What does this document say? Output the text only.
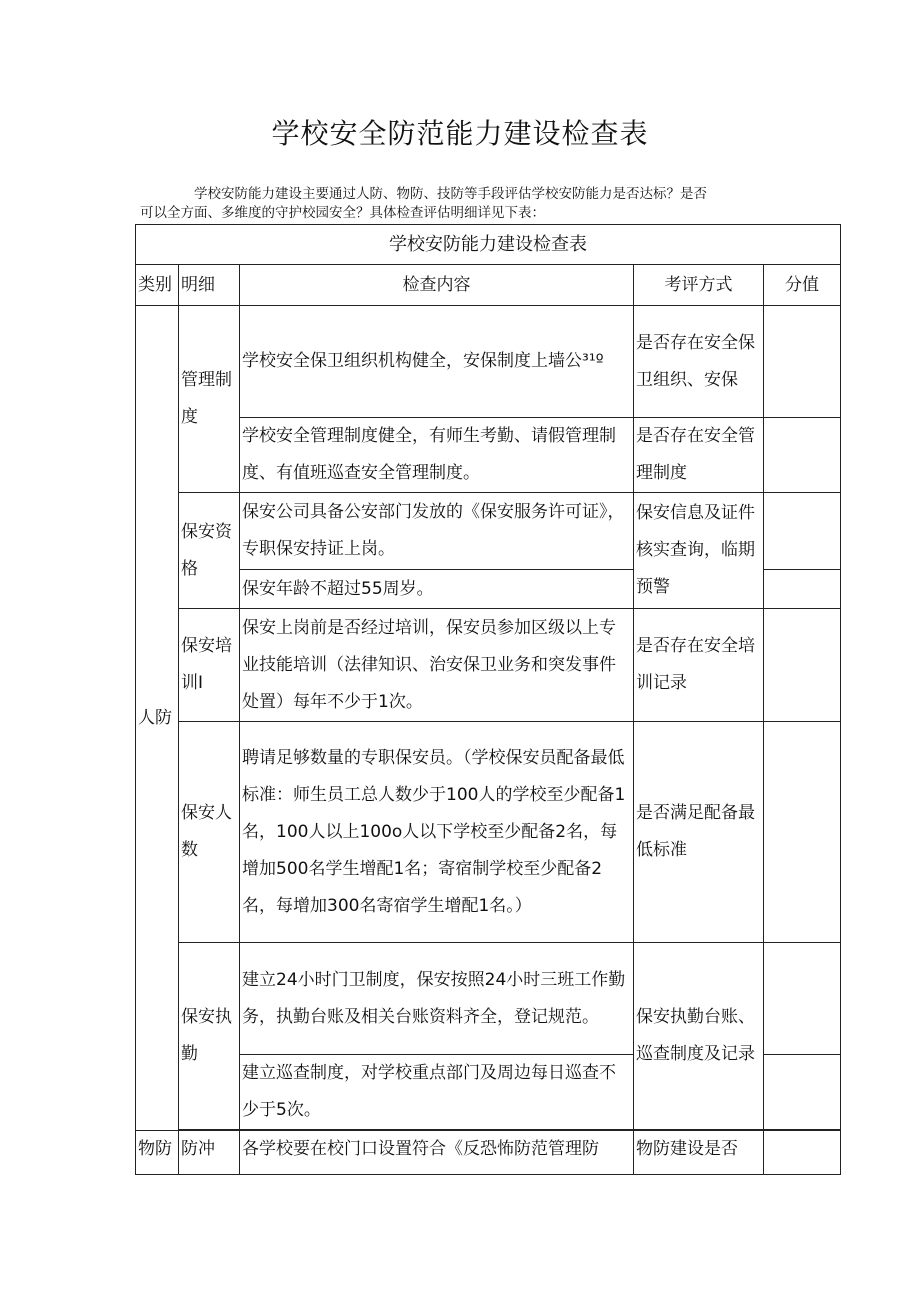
学校安全防范能力建设检查表
学校安防能力建设主要通过人防、物防、技防等手段评估学校安防能力是否达标？是否
可以全方面、多维度的守护校园安全？具体检查评估明细详见下表：
学校安防能力建设检查表				
类别	明细	检查内容	考评方式	分值
人防	管理制度	学校安全保卫组织机构健全，安保制度上墙公³¹º	是否存在安全保卫组织、安保	
		学校安全管理制度健全，有师生考勤、请假管理制度、有值班巡查安全管理制度。	是否存在安全管理制度	
	保安资格	保安公司具备公安部门发放的《保安服务许可证》，专职保安持证上岗。	保安信息及证件核实查询，临期预警	
		保安年龄不超过55周岁。		
	保安培训I	保安上岗前是否经过培训，保安员参加区级以上专业技能培训（法律知识、治安保卫业务和突发事件处置）每年不少于1次。	是否存在安全培训记录	
	保安人数	聘请足够数量的专职保安员。（学校保安员配备最低标准：师生员工总人数少于100人的学校至少配备1名，100人以上100o人以下学校至少配备2名，每增加500名学生增配1名；寄宿制学校至少配备2名，每增加300名寄宿学生增配1名。）	是否满足配备最低标准	
	保安执勤	建立24小时门卫制度，保安按照24小时三班工作勤务，执勤台账及相关台账资料齐全，登记规范。	保安执勤台账、巡查制度及记录	
		建立巡查制度，对学校重点部门及周边每日巡查不少于5次。		

物防	防冲	各学校要在校门口设置符合《反恐怖防范管理防	物防建设是否	
